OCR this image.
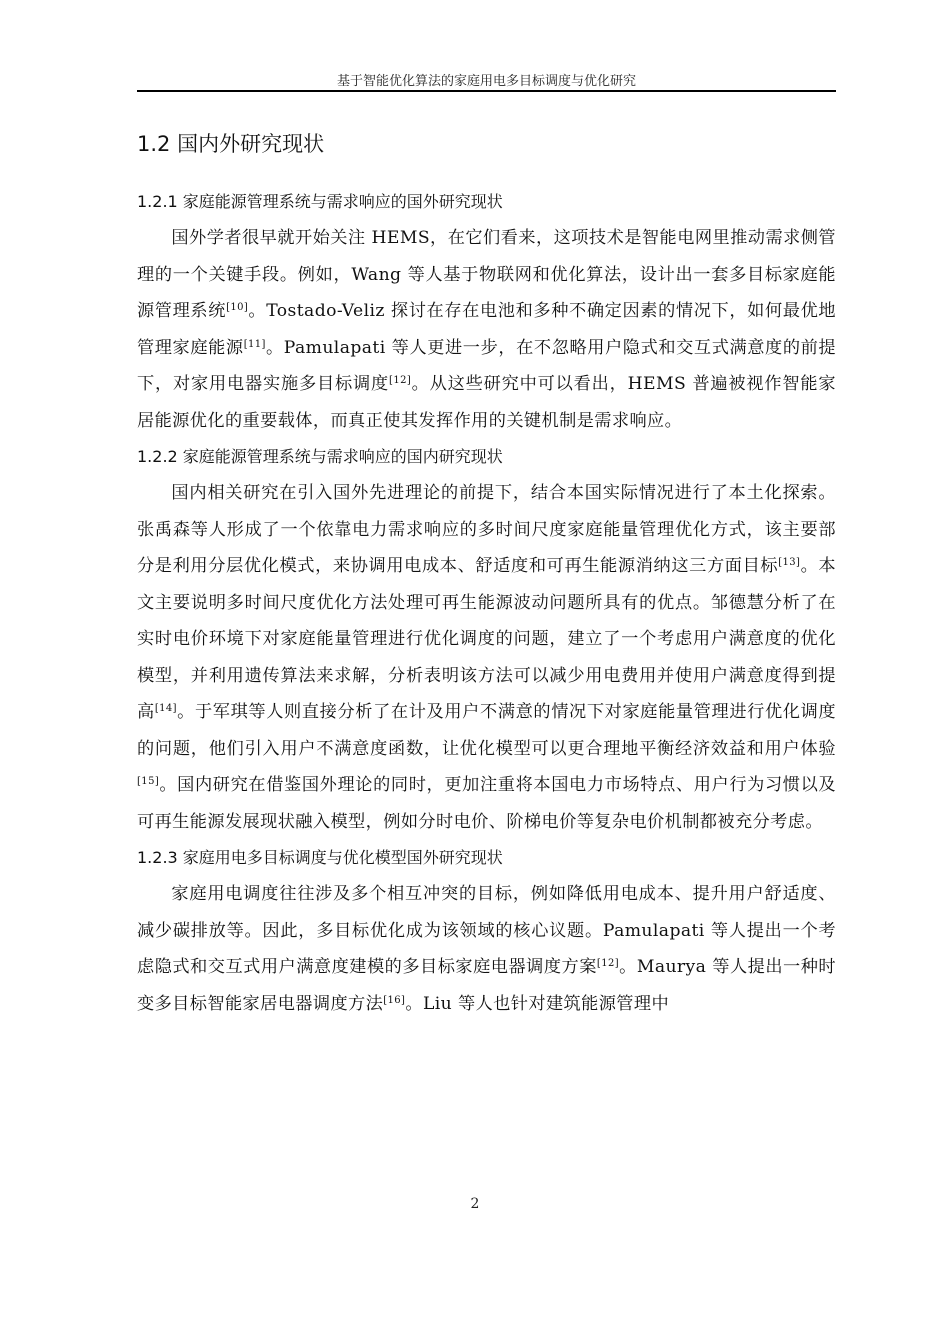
基于智能优化算法的家庭用电多目标调度与优化研究
1.2 国内外研究现状
1.2.1 家庭能源管理系统与需求响应的国外研究现状

国外学者很早就开始关注 HEMS，在它们看来，这项技术是智能电网里推动需求侧管理的一个关键手段。例如，Wang 等人基于物联网和优化算法，设计出一套多目标家庭能源管理系统[10]。Tostado-Veliz 探讨在存在电池和多种不确定因素的情况下，如何最优地管理家庭能源[11]。Pamulapati 等人更进一步，在不忽略用户隐式和交互式满意度的前提下，对家用电器实施多目标调度[12]。从这些研究中可以看出，HEMS 普遍被视作智能家居能源优化的重要载体，而真正使其发挥作用的关键机制是需求响应。

1.2.2 家庭能源管理系统与需求响应的国内研究现状

国内相关研究在引入国外先进理论的前提下，结合本国实际情况进行了本土化探索。张禹森等人形成了一个依靠电力需求响应的多时间尺度家庭能量管理优化方式，该主要部分是利用分层优化模式，来协调用电成本、舒适度和可再生能源消纳这三方面目标[13]。本文主要说明多时间尺度优化方法处理可再生能源波动问题所具有的优点。邹德慧分析了在实时电价环境下对家庭能量管理进行优化调度的问题，建立了一个考虑用户满意度的优化模型，并利用遗传算法来求解，分析表明该方法可以减少用电费用并使用户满意度得到提高[14]。于军琪等人则直接分析了在计及用户不满意的情况下对家庭能量管理进行优化调度的问题，他们引入用户不满意度函数，让优化模型可以更合理地平衡经济效益和用户体验[15]。国内研究在借鉴国外理论的同时，更加注重将本国电力市场特点、用户行为习惯以及可再生能源发展现状融入模型，例如分时电价、阶梯电价等复杂电价机制都被充分考虑。

1.2.3 家庭用电多目标调度与优化模型国外研究现状

家庭用电调度往往涉及多个相互冲突的目标，例如降低用电成本、提升用户舒适度、减少碳排放等。因此，多目标优化成为该领域的核心议题。Pamulapati 等人提出一个考虑隐式和交互式用户满意度建模的多目标家庭电器调度方案[12]。Maurya 等人提出一种时变多目标智能家居电器调度方法[16]。Liu 等人也针对建筑能源管理中

2
